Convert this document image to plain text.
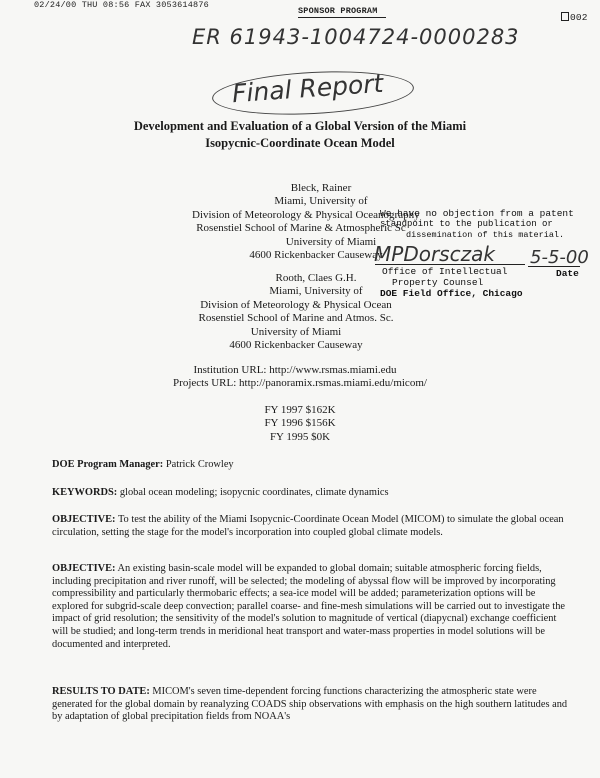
02/24/00 THU 08:56 FAX 3053614876
SPONSOR PROGRAM
002
ER 61943-1004724-0000283
Final Report
Development and Evaluation of a Global Version of the Miami
Isopycnic-Coordinate Ocean Model
Bleck, Rainer
Miami, University of
Division of Meteorology & Physical Oceanography
Rosenstiel School of Marine & Atmospheric Sc
University of Miami
4600 Rickenbacker Causeway
We have no objection from a patent
standpoint to the publication or
dissemination of this material.
MPDorsczak 5-5-00
Office of Intellectual	Date
Property Counsel
DOE Field Office, Chicago
Rooth, Claes G.H.
Miami, University of
Division of Meteorology & Physical Ocean
Rosenstiel School of Marine and Atmos. Sc.
University of Miami
4600 Rickenbacker Causeway
Institution URL: http://www.rsmas.miami.edu
Projects URL: http://panoramix.rsmas.miami.edu/micom/
FY 1997 $162K
FY 1996 $156K
FY 1995 $0K
DOE Program Manager: Patrick Crowley
KEYWORDS: global ocean modeling; isopycnic coordinates, climate dynamics
OBJECTIVE: To test the ability of the Miami Isopycnic-Coordinate Ocean Model (MICOM) to simulate the global ocean circulation, setting the stage for the model's incorporation into coupled global climate models.
OBJECTIVE: An existing basin-scale model will be expanded to global domain; suitable atmospheric forcing fields, including precipitation and river runoff, will be selected; the modeling of abyssal flow will be improved by incorporating compressibility and particularly thermobaric effects; a sea-ice model will be added; parameterization options will be explored for subgrid-scale deep convection; parallel coarse- and fine-mesh simulations will be carried out to investigate the impact of grid resolution; the sensitivity of the model's solution to magnitude of vertical (diapycnal) exchange coefficient will be studied; and long-term trends in meridional heat transport and water-mass properties in model solutions will be documented and interpreted.
RESULTS TO DATE: MICOM's seven time-dependent forcing functions characterizing the atmospheric state were generated for the global domain by reanalyzing COADS ship observations with emphasis on the high southern latitudes and by adaptation of global precipitation fields from NOAA's
